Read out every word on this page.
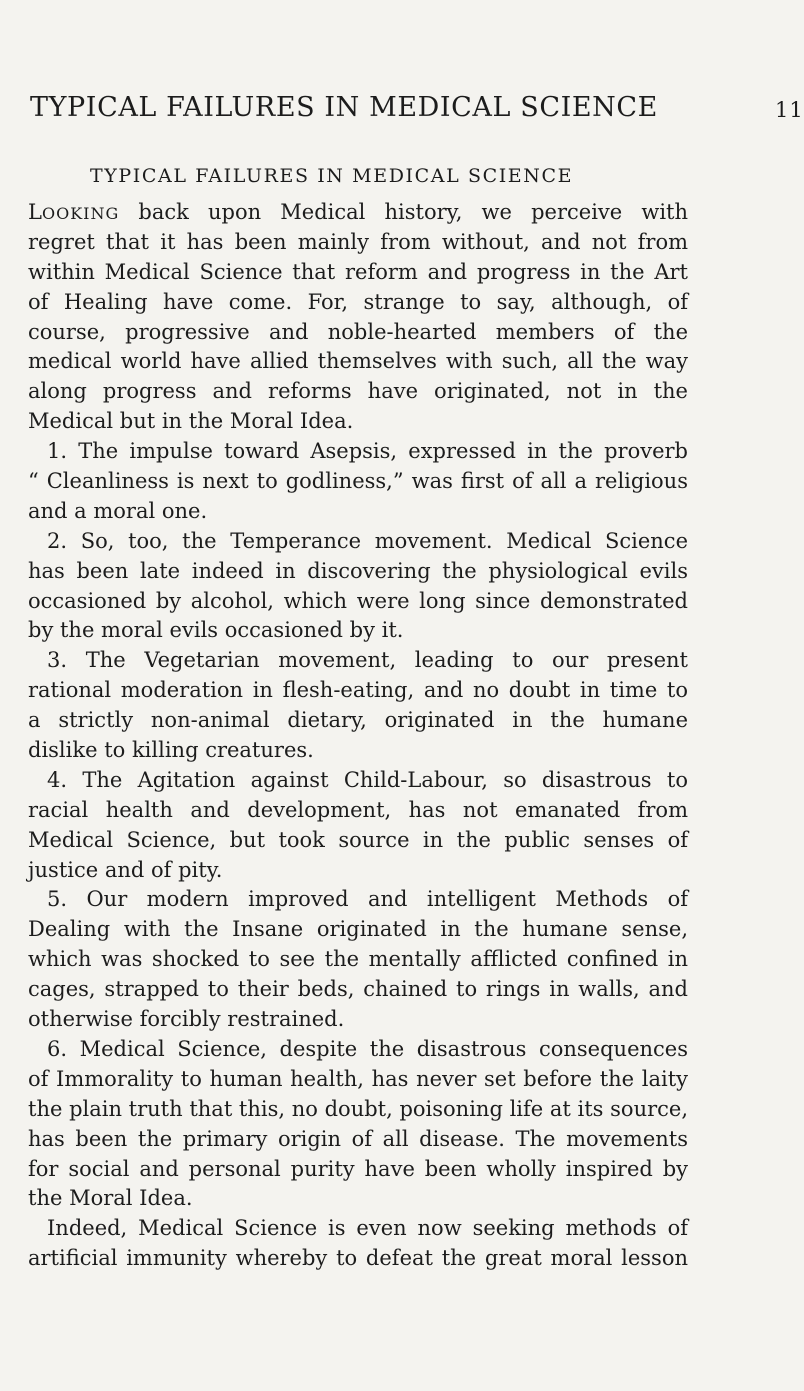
TYPICAL FAILURES IN MEDICAL SCIENCE	11
TYPICAL FAILURES IN MEDICAL SCIENCE
LOOKING back upon Medical history, we perceive with
regret that it has been mainly from without, and not from
within Medical Science that reform and progress in the Art
of Healing have come. For, strange to say, although, of
course, progressive and noble-hearted members of the
medical world have allied themselves with such, all the way
along progress and reforms have originated, not in the
Medical but in the Moral Idea.
1. The impulse toward Asepsis, expressed in the proverb
“ Cleanliness is next to godliness,” was first of all a religious
and a moral one.
2. So, too, the Temperance movement. Medical Science
has been late indeed in discovering the physiological evils
occasioned by alcohol, which were long since demonstrated
by the moral evils occasioned by it.
3. The Vegetarian movement, leading to our present
rational moderation in flesh-eating, and no doubt in time to
a strictly non-animal dietary, originated in the humane
dislike to killing creatures.
4. The Agitation against Child-Labour, so disastrous to
racial health and development, has not emanated from
Medical Science, but took source in the public senses of
justice and of pity.
5. Our modern improved and intelligent Methods of
Dealing with the Insane originated in the humane sense,
which was shocked to see the mentally afflicted confined in
cages, strapped to their beds, chained to rings in walls, and
otherwise forcibly restrained.
6. Medical Science, despite the disastrous consequences
of Immorality to human health, has never set before the laity
the plain truth that this, no doubt, poisoning life at its source,
has been the primary origin of all disease. The movements
for social and personal purity have been wholly inspired by
the Moral Idea.
Indeed, Medical Science is even now seeking methods of
artificial immunity whereby to defeat the great moral lesson
